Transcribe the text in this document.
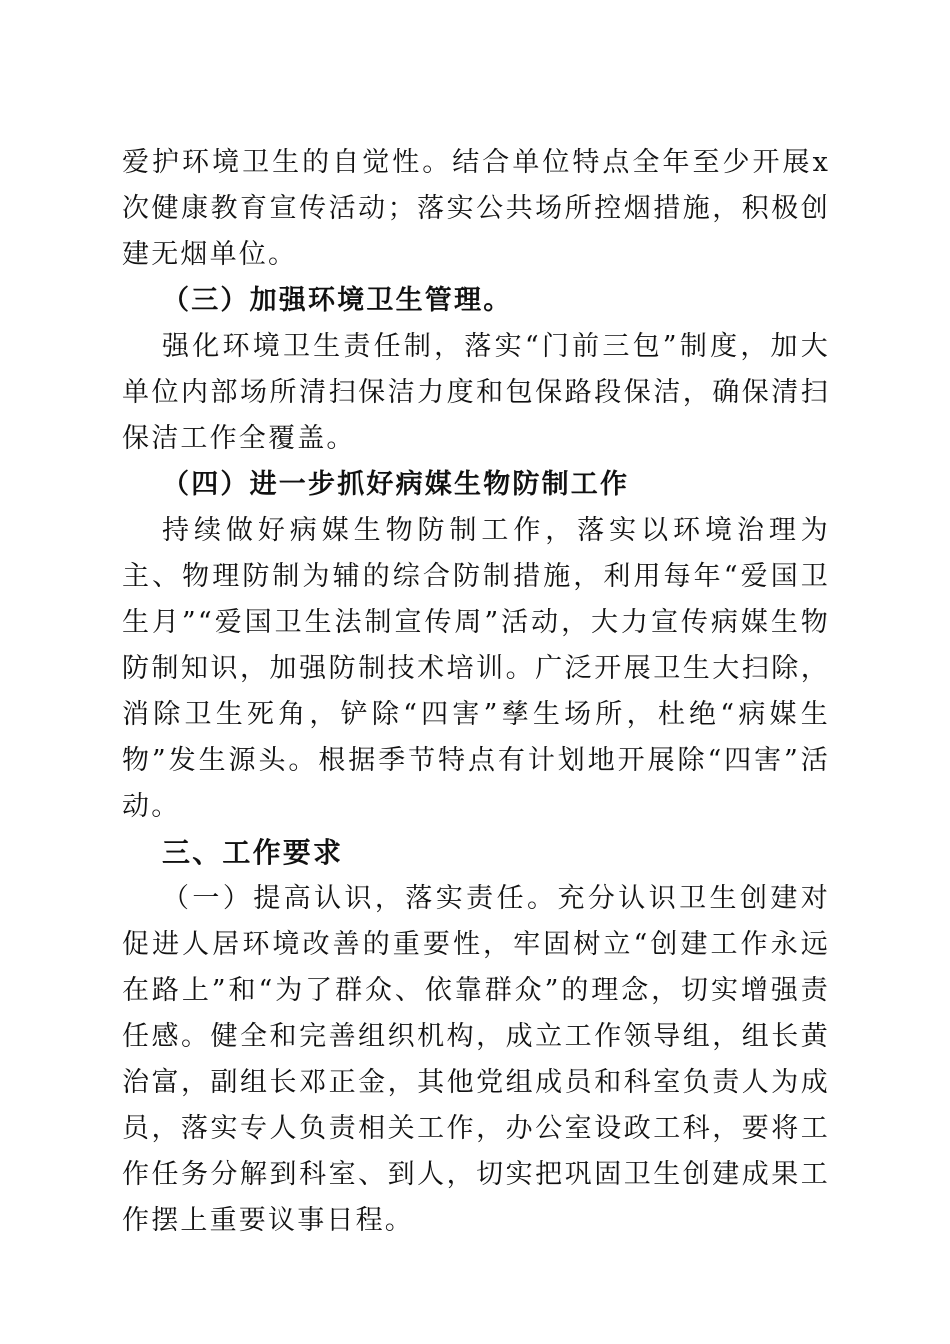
爱护环境卫生的自觉性。结合单位特点全年至少开展x次健康教育宣传活动；落实公共场所控烟措施，积极创建无烟单位。

（三）加强环境卫生管理。

强化环境卫生责任制，落实“门前三包”制度，加大单位内部场所清扫保洁力度和包保路段保洁，确保清扫保洁工作全覆盖。

（四）进一步抓好病媒生物防制工作

持续做好病媒生物防制工作，落实以环境治理为主、物理防制为辅的综合防制措施，利用每年“爱国卫生月”“爱国卫生法制宣传周”活动，大力宣传病媒生物防制知识，加强防制技术培训。广泛开展卫生大扫除，消除卫生死角，铲除“四害”孳生场所，杜绝“病媒生物”发生源头。根据季节特点有计划地开展除“四害”活动。

三、工作要求

（一）提高认识，落实责任。充分认识卫生创建对促进人居环境改善的重要性，牢固树立“创建工作永远在路上”和“为了群众、依靠群众”的理念，切实增强责任感。健全和完善组织机构，成立工作领导组，组长黄治富，副组长邓正金，其他党组成员和科室负责人为成员，落实专人负责相关工作，办公室设政工科，要将工作任务分解到科室、到人，切实把巩固卫生创建成果工作摆上重要议事日程。
